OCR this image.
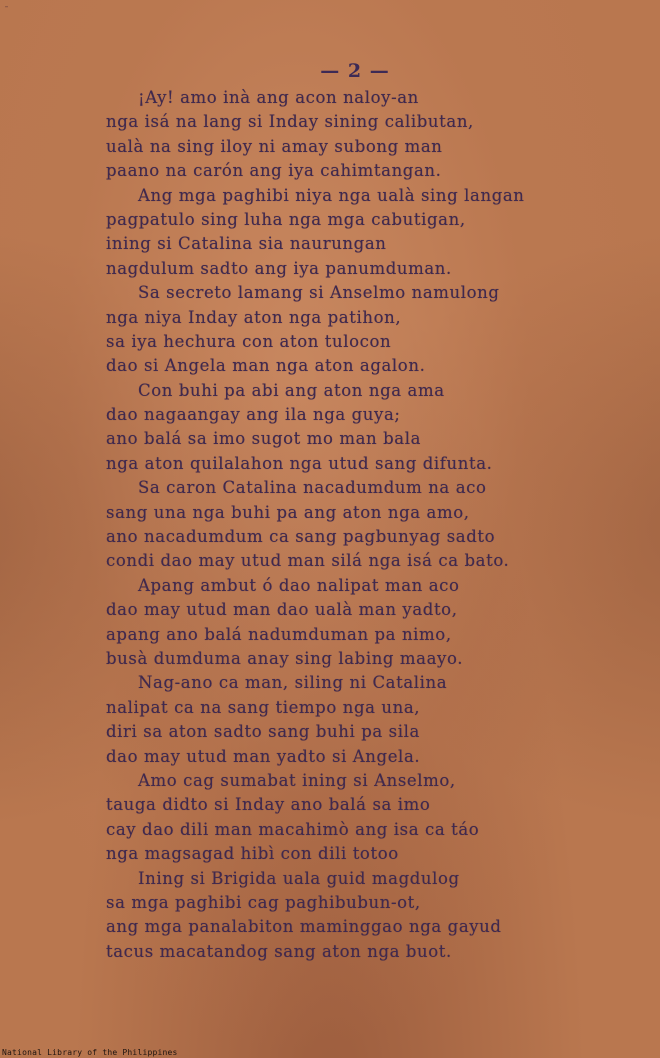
¯
— 2 —
¡Ay! amo inà ang acon naloy-an
nga isá na lang si Inday sining calibutan,
ualà na sing iloy ni amay subong man
paano na carón ang iya cahimtangan.
Ang mga paghibi niya nga ualà sing langan
pagpatulo sing luha nga mga cabutigan,
ining si Catalina sia naurungan
nagdulum sadto ang iya panumduman.
Sa secreto lamang si Anselmo namulong
nga niya Inday aton nga patihon,
sa iya hechura con aton tulocon
dao si Angela man nga aton agalon.
Con buhi pa abi ang aton nga ama
dao nagaangay ang ila nga guya;
ano balá sa imo sugot mo man bala
nga aton quilalahon nga utud sang difunta.
Sa caron Catalina nacadumdum na aco
sang una nga buhi pa ang aton nga amo,
ano nacadumdum ca sang pagbunyag sadto
condi dao may utud man silá nga isá ca bato.
Apang ambut ó dao nalipat man aco
dao may utud man dao ualà man yadto,
apang ano balá nadumduman pa nimo,
busà dumduma anay sing labing maayo.
Nag-ano ca man, siling ni Catalina
nalipat ca na sang tiempo nga una,
diri sa aton sadto sang buhi pa sila
dao may utud man yadto si Angela.
Amo cag sumabat ining si Anselmo,
tauga didto si Inday ano balá sa imo
cay dao dili man macahimò ang isa ca táo
nga magsagad hibì con dili totoo
Ining si Brigida uala guid magdulog
sa mga paghibi cag paghibubun-ot,
ang mga panalabiton maminggao nga gayud
tacus macatandog sang aton nga buot.
National Library of the Philippines
